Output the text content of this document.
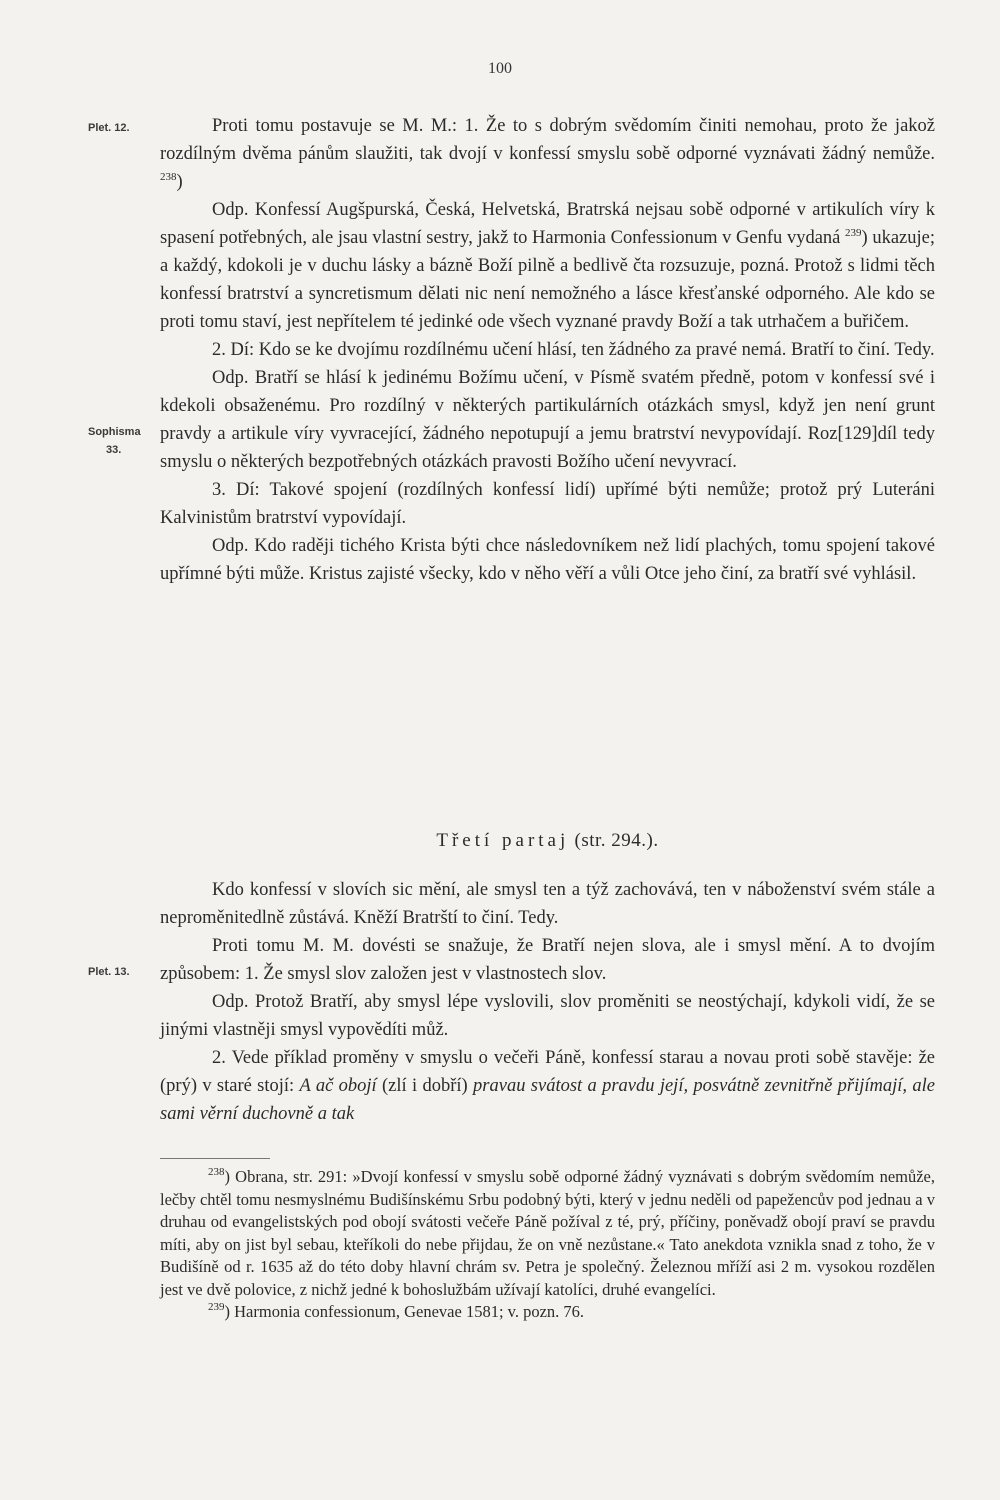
100
Plet. 12.
Sophisma
33.
Plet. 13.

Proti tomu postavuje se M. M.: 1. Že to s dobrým svědomím činiti nemohau, proto že jakož rozdílným dvěma pánům slaužiti, tak dvojí v konfessí smyslu sobě odporné vyznávati žádný nemůže. $^{238}$)

Odp. Konfessí Augšpurská, Česká, Helvetská, Bratrská nejsau sobě odporné v artikulích víry k spasení potřebných, ale jsau vlastní sestry, jakž to Harmonia Confessionum v Genfu vydaná $^{239}$) ukazuje; a každý, kdokoli je v duchu lásky a bázně Boží pilně a bedlivě čta rozsuzuje, pozná. Protož s lidmi těch konfessí bratrství a syncretismum dělati nic není nemožného a lásce křesťanské odporného. Ale kdo se proti tomu staví, jest nepřítelem té jedinké ode všech vyznané pravdy Boží a tak utrhačem a buřičem.

2. Dí: Kdo se ke dvojímu rozdílnému učení hlásí, ten žádného za pravé nemá. Bratří to činí. Tedy.

Odp. Bratří se hlásí k jedinému Božímu učení, v Písmě svatém předně, potom v konfessí své i kdekoli obsaženému. Pro rozdílný v některých partikulárních otázkách smysl, když jen není grunt pravdy a artikule víry vyvracející, žádného nepotupují a jemu bratrství nevypovídají. Roz[129]díl tedy smyslu o některých bezpotřebných otázkách pravosti Božího učení nevyvrací.

3. Dí: Takové spojení (rozdílných konfessí lidí) upřímé býti nemůže; protož prý Luteráni Kalvinistům bratrství vypovídají.

Odp. Kdo raději tichého Krista býti chce následovníkem než lidí plachých, tomu spojení takové upřímné býti může. Kristus zajisté všecky, kdo v něho věří a vůli Otce jeho činí, za bratří své vyhlásil.

Třetí partaj (str. 294.).

Kdo konfessí v slovích sic mění, ale smysl ten a týž zachovává, ten v náboženství svém stále a neproměnitedlně zůstává. Kněží Bratrští to činí. Tedy.

Proti tomu M. M. dovésti se snažuje, že Bratří nejen slova, ale i smysl mění. A to dvojím způsobem: 1. Že smysl slov založen jest v vlastnostech slov.

Odp. Protož Bratří, aby smysl lépe vyslovili, slov proměniti se neostýchají, kdykoli vidí, že se jinými vlastněji smysl vypovědíti můž.

2. Vede příklad proměny v smyslu o večeři Páně, konfessí starau a novau proti sobě stavěje: že (prý) v staré stojí: A ač obojí (zlí i dobří) pravau svátost a pravdu její, posvátně zevnitřně přijímají, ale sami věrní duchovně a tak

$^{238}$) Obrana, str. 291: »Dvojí konfessí v smyslu sobě odporné žádný vyznávati s dobrým svědomím nemůže, lečby chtěl tomu nesmyslnému Budišínskému Srbu podobný býti, který v jednu neděli od papežencův pod jednau a v druhau od evangelistských pod obojí svátosti večeře Páně požíval z té, prý, příčiny, poněvadž obojí praví se pravdu míti, aby on jist byl sebau, kteříkoli do nebe přijdau, že on vně nezůstane.« Tato anekdota vznikla snad z toho, že v Budišíně od r. 1635 až do této doby hlavní chrám sv. Petra je společný. Železnou mříží asi 2 m. vysokou rozdělen jest ve dvě polovice, z nichž jedné k bohoslužbám užívají katolíci, druhé evangelíci.

$^{239}$) Harmonia confessionum, Genevae 1581; v. pozn. 76.
